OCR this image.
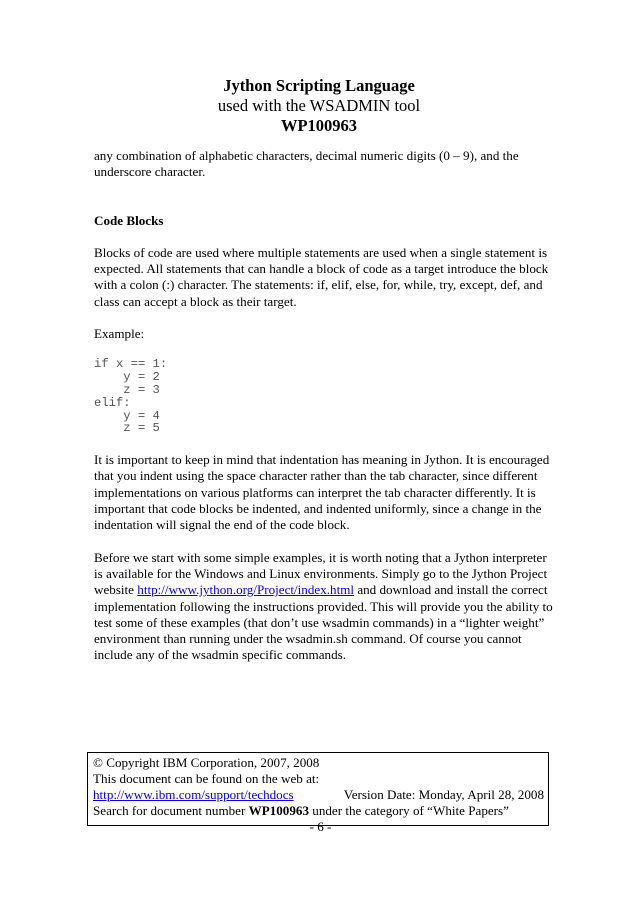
Jython Scripting Language
used with the WSADMIN tool
WP100963

any combination of alphabetic characters, decimal numeric digits (0 – 9), and the underscore character.

Code Blocks

Blocks of code are used where multiple statements are used when a single statement is expected. All statements that can handle a block of code as a target introduce the block with a colon (:) character. The statements: if, elif, else, for, while, try, except, def, and class can accept a block as their target.

Example:

if x == 1:
y = 2
z = 3
elif:
y = 4
z = 5

It is important to keep in mind that indentation has meaning in Jython. It is encouraged that you indent using the space character rather than the tab character, since different implementations on various platforms can interpret the tab character differently. It is important that code blocks be indented, and indented uniformly, since a change in the indentation will signal the end of the code block.

Before we start with some simple examples, it is worth noting that a Jython interpreter is available for the Windows and Linux environments. Simply go to the Jython Project website http://www.jython.org/Project/index.html and download and install the correct implementation following the instructions provided. This will provide you the ability to test some of these examples (that don’t use wsadmin commands) in a “lighter weight” environment than running under the wsadmin.sh command. Of course you cannot include any of the wsadmin specific commands.

© Copyright IBM Corporation, 2007, 2008
This document can be found on the web at:
http://www.ibm.com/support/techdocs	Version Date: Monday, April 28, 2008
Search for document number WP100963 under the category of “White Papers”
- 6 -
